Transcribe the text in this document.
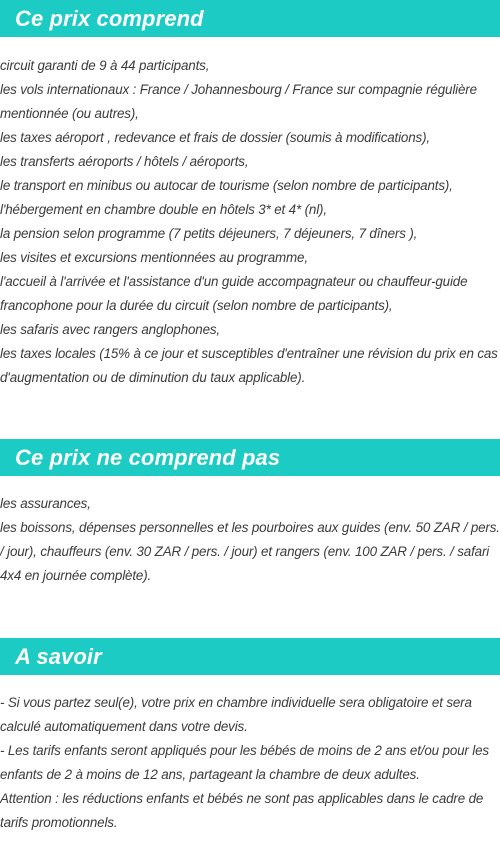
Ce prix comprend

circuit garanti de 9 à 44 participants,

les vols internationaux : France / Johannesbourg / France sur compagnie régulière mentionnée (ou autres),

les taxes aéroport , redevance et frais de dossier (soumis à modifications),

les transferts aéroports / hôtels / aéroports,

le transport en minibus ou autocar de tourisme (selon nombre de participants),

l'hébergement en chambre double en hôtels 3* et 4* (nl),

la pension selon programme (7 petits déjeuners, 7 déjeuners, 7 dîners ),

les visites et excursions mentionnées au programme,

l'accueil à l'arrivée et l'assistance d'un guide accompagnateur ou chauffeur-guide francophone pour la durée du circuit (selon nombre de participants),

les safaris avec rangers anglophones,

les taxes locales (15% à ce jour et susceptibles d'entraîner une révision du prix en cas d'augmentation ou de diminution du taux applicable).

Ce prix ne comprend pas

les assurances,

les boissons, dépenses personnelles et les pourboires aux guides (env. 50 ZAR / pers. / jour), chauffeurs (env. 30 ZAR / pers. / jour) et rangers (env. 100 ZAR / pers. / safari 4x4 en journée complète).

A savoir

- Si vous partez seul(e), votre prix en chambre individuelle sera obligatoire et sera calculé automatiquement dans votre devis.

- Les tarifs enfants seront appliqués pour les bébés de moins de 2 ans et/ou pour les enfants de 2 à moins de 12 ans, partageant la chambre de deux adultes.

Attention : les réductions enfants et bébés ne sont pas applicables dans le cadre de tarifs promotionnels.
